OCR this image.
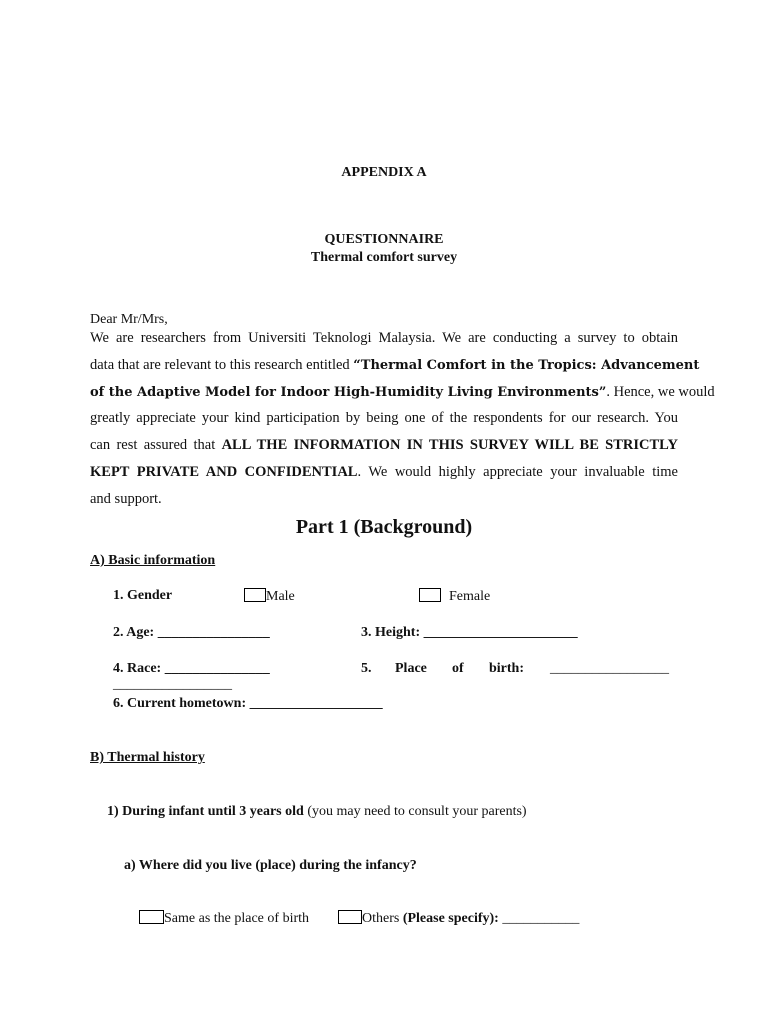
APPENDIX A
QUESTIONNAIRE
Thermal comfort survey
Dear Mr/Mrs,
We are researchers from Universiti Teknologi Malaysia. We are conducting a survey to obtain
data that are relevant to this research entitled “Thermal Comfort in the Tropics: Advancement
of the Adaptive Model for Indoor High-Humidity Living Environments”. Hence, we would
greatly appreciate your kind participation by being one of the respondents for our research. You
can rest assured that ALL THE INFORMATION IN THIS SURVEY WILL BE STRICTLY
KEPT PRIVATE AND CONFIDENTIAL. We would highly appreciate your invaluable time
and support.
Part 1 (Background)
A) Basic information
1. Gender	Male	Female
2. Age: ________________	3. Height: ______________________
4. Race: _______________	5. Place of birth: _________________
_________________
6. Current hometown: ___________________
B) Thermal history
1) During infant until 3 years old (you may need to consult your parents)
a) Where did you live (place) during the infancy?
Same as the place of birth	Others (Please specify): ___________
